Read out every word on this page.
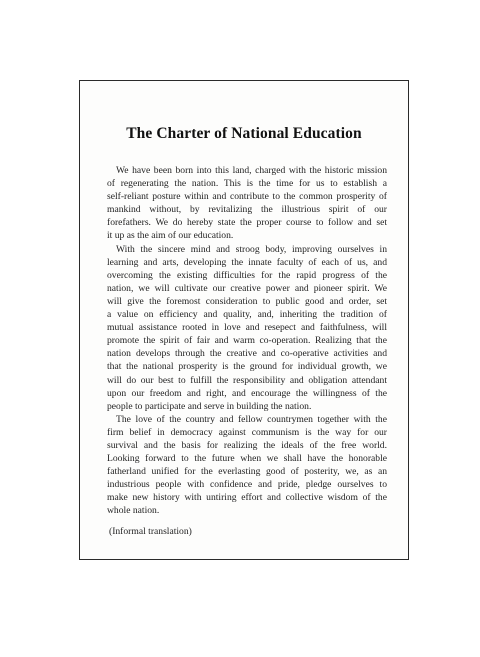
The Charter of National Education

We have been born into this land, charged with the historic mission
of regenerating the nation. This is the time for us to establish a
self-reliant posture within and contribute to the common prosperity of
mankind without, by revitalizing the illustrious spirit of our
forefathers. We do hereby state the proper course to follow and set
it up as the aim of our education.

With the sincere mind and stroog body, improving ourselves in
learning and arts, developing the innate faculty of each of us, and
overcoming the existing difficulties for the rapid progress of the
nation, we will cultivate our creative power and pioneer spirit. We
will give the foremost consideration to public good and order, set
a value on efficiency and quality, and, inheriting the tradition of
mutual assistance rooted in love and resepect and faithfulness, will
promote the spirit of fair and warm co-operation. Realizing that the
nation develops through the creative and co-operative activities and
that the national prosperity is the ground for individual growth, we
will do our best to fulfill the responsibility and obligation attendant
upon our freedom and right, and encourage the willingness of the
people to participate and serve in building the nation.

The love of the country and fellow countrymen together with the
firm belief in democracy against communism is the way for our
survival and the basis for realizing the ideals of the free world.
Looking forward to the future when we shall have the honorable
fatherland unified for the everlasting good of posterity, we, as an
industrious people with confidence and pride, pledge ourselves to
make new history with untiring effort and collective wisdom of the
whole nation.

(Informal translation)
